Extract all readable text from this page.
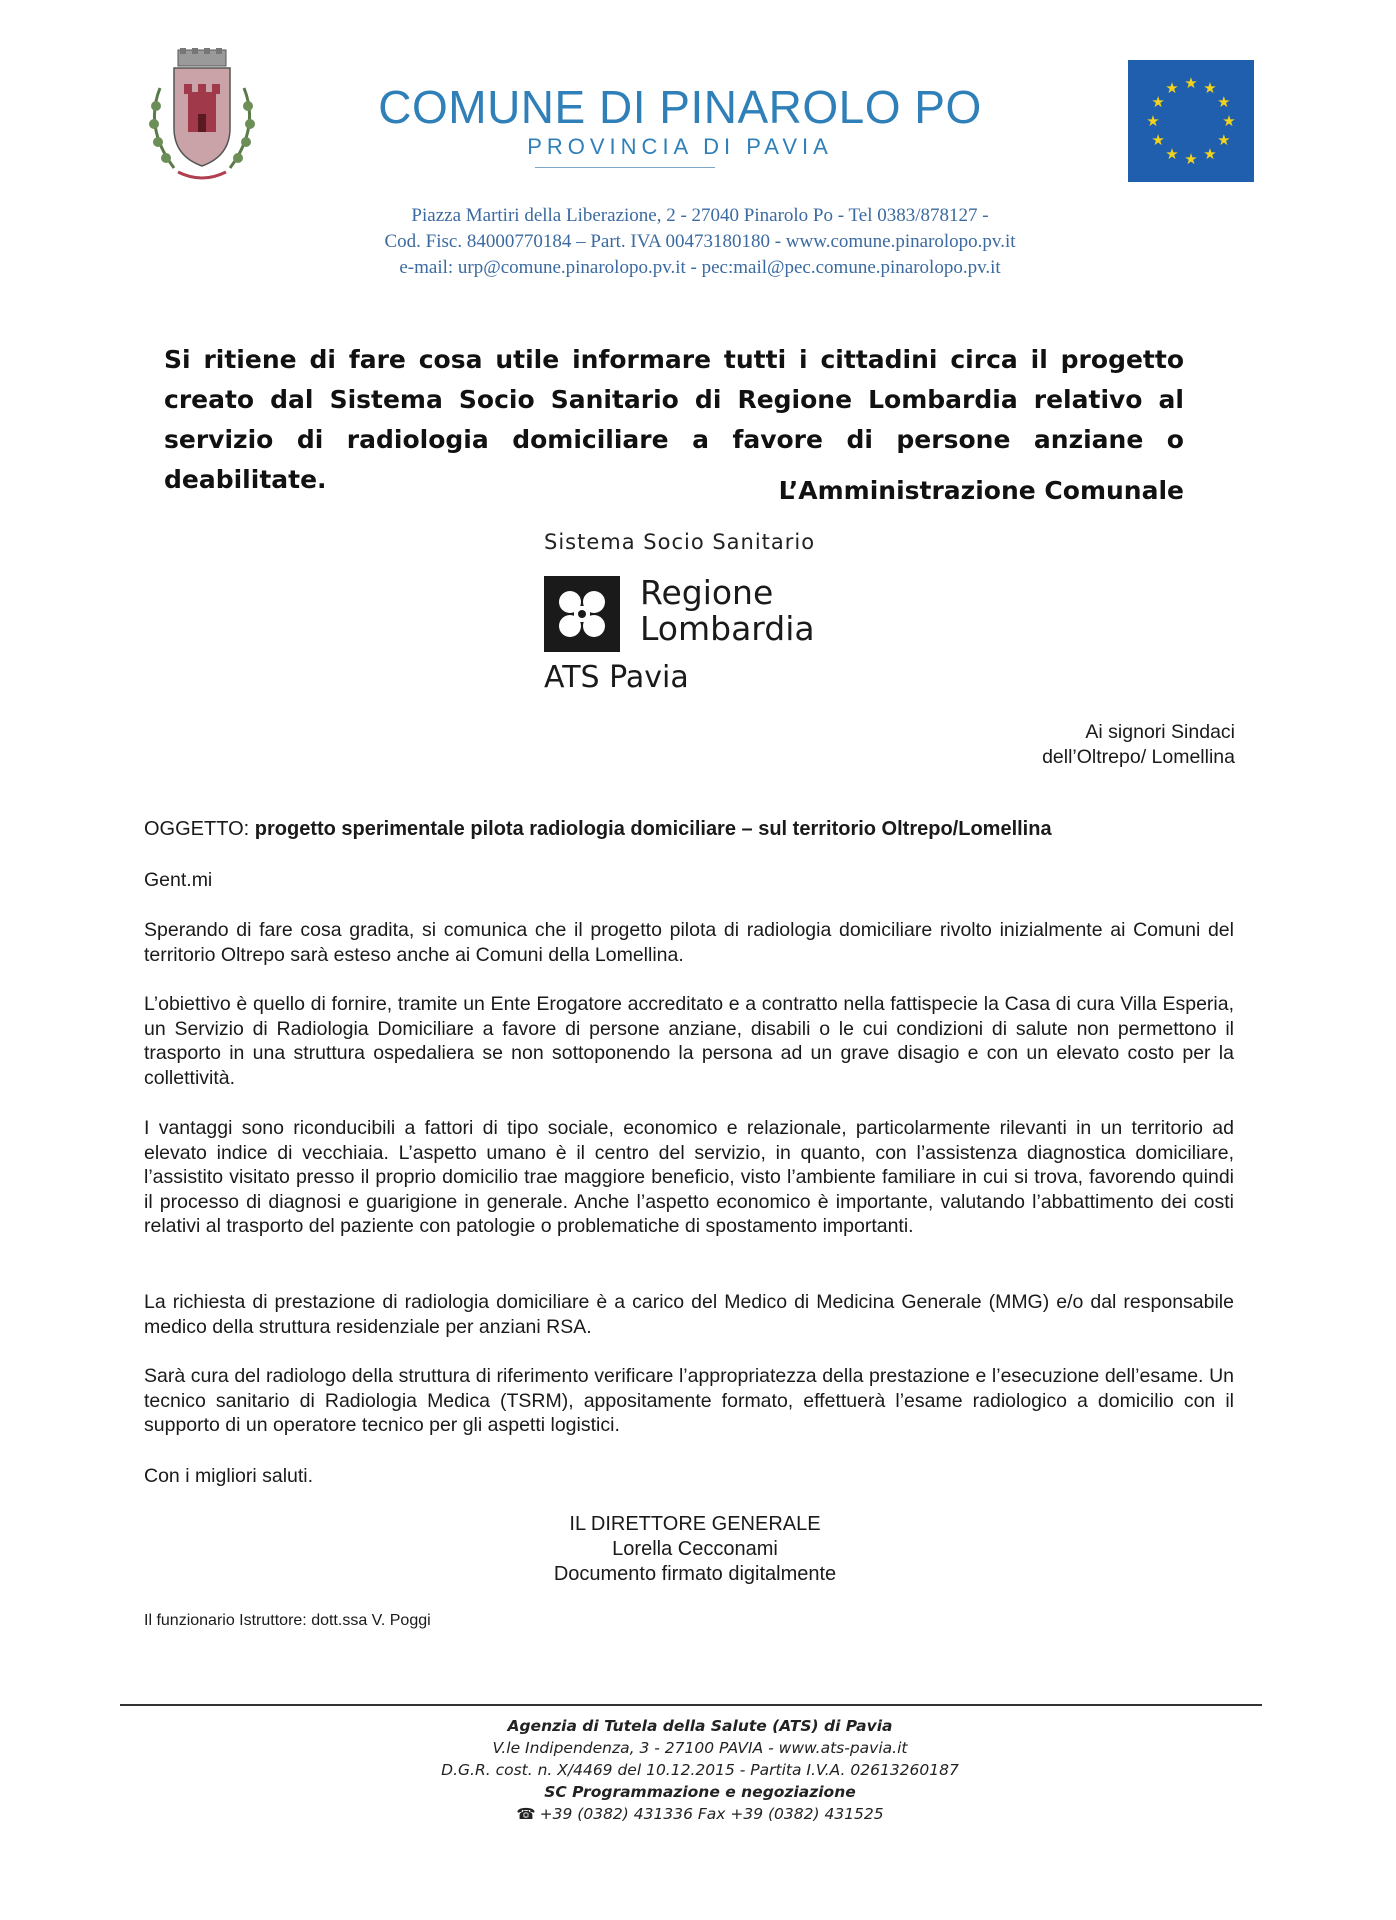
COMUNE DI PINAROLO PO
PROVINCIA DI PAVIA
★ ★
★
★
★
★
★
★
★
★
★
★
Piazza Martiri della Liberazione, 2 - 27040 Pinarolo Po - Tel 0383/878127 -
Cod. Fisc. 84000770184 – Part. IVA 00473180180 - www.comune.pinarolopo.pv.it
e-mail: urp@comune.pinarolopo.pv.it - pec:mail@pec.comune.pinarolopo.pv.it
Si ritiene di fare cosa utile informare tutti i cittadini circa il progetto creato dal Sistema Socio Sanitario di Regione Lombardia relativo al servizio di radiologia domiciliare a favore di persone anziane o deabilitate.	L’Amministrazione Comunale
Sistema Socio Sanitario
Regione
Lombardia
ATS Pavia
Ai signori Sindaci
dell’Oltrepo/ Lomellina
OGGETTO: progetto sperimentale pilota radiologia domiciliare – sul territorio Oltrepo/Lomellina
Gent.mi
Sperando di fare cosa gradita, si comunica che il progetto pilota di radiologia domiciliare rivolto inizialmente ai Comuni del territorio Oltrepo sarà esteso anche ai Comuni della Lomellina.
L’obiettivo è quello di fornire, tramite un Ente Erogatore accreditato e a contratto nella fattispecie la Casa di cura Villa Esperia, un Servizio di Radiologia Domiciliare a favore di persone anziane, disabili o le cui condizioni di salute non permettono il trasporto in una struttura ospedaliera se non sottoponendo la persona ad un grave disagio e con un elevato costo per la collettività.
I vantaggi sono riconducibili a fattori di tipo sociale, economico e relazionale, particolarmente rilevanti in un territorio ad elevato indice di vecchiaia. L’aspetto umano è il centro del servizio, in quanto, con l’assistenza diagnostica domiciliare, l’assistito visitato presso il proprio domicilio trae maggiore beneficio, visto l’ambiente familiare in cui si trova, favorendo quindi il processo di diagnosi e guarigione in generale. Anche l’aspetto economico è importante, valutando l’abbattimento dei costi relativi al trasporto del paziente con patologie o problematiche di spostamento importanti.
La richiesta di prestazione di radiologia domiciliare è a carico del Medico di Medicina Generale (MMG) e/o dal responsabile medico della struttura residenziale per anziani RSA.
Sarà cura del radiologo della struttura di riferimento verificare l’appropriatezza della prestazione e l’esecuzione dell’esame. Un tecnico sanitario di Radiologia Medica (TSRM), appositamente formato, effettuerà l’esame radiologico a domicilio con il supporto di un operatore tecnico per gli aspetti logistici.
Con i migliori saluti.
IL DIRETTORE GENERALE
Lorella Cecconami
Documento firmato digitalmente
Il funzionario Istruttore: dott.ssa V. Poggi
Agenzia di Tutela della Salute (ATS) di Pavia
V.le Indipendenza, 3 - 27100 PAVIA - www.ats-pavia.it
D.G.R. cost. n. X/4469 del 10.12.2015 - Partita I.V.A. 02613260187
SC Programmazione e negoziazione
☎ +39 (0382) 431336 Fax +39 (0382) 431525
